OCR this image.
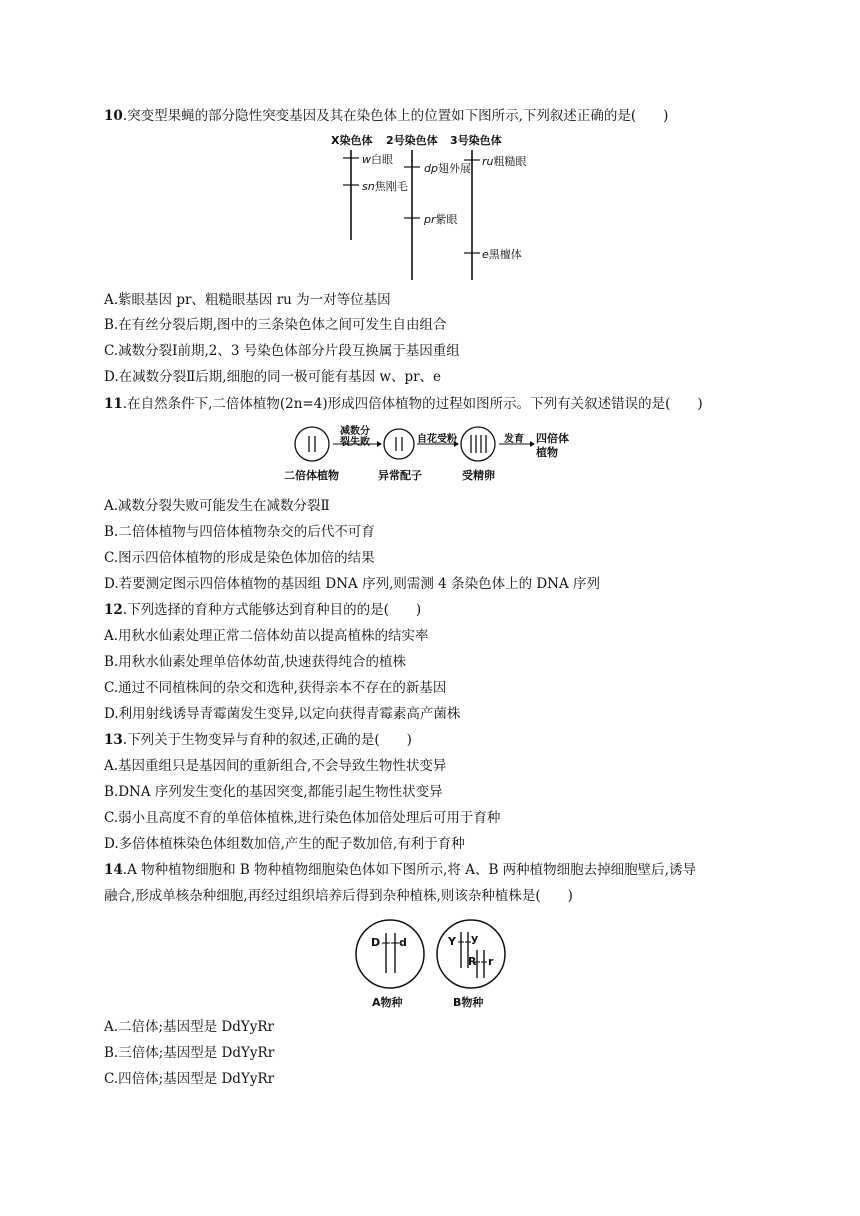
10.突变型果蝇的部分隐性突变基因及其在染色体上的位置如下图所示,下列叙述正确的是(　　)
X染色体 2号染色体 3号染色体
w白眼
sn焦刚毛
dp翅外展
pr紫眼
ru粗糙眼
e黑檀体
A.紫眼基因 pr、粗糙眼基因 ru 为一对等位基因
B.在有丝分裂后期,图中的三条染色体之间可发生自由组合
C.减数分裂Ⅰ前期,2、3 号染色体部分片段互换属于基因重组
D.在减数分裂Ⅱ后期,细胞的同一极可能有基因 w、pr、e
11.在自然条件下,二倍体植物(2n=4)形成四倍体植物的过程如图所示。下列有关叙述错误的是(　　)
减数分
裂失败	自花受粉	发育 四倍体
植物
二倍体植物	异常配子	受精卵
A.减数分裂失败可能发生在减数分裂Ⅱ
B.二倍体植物与四倍体植物杂交的后代不可育
C.图示四倍体植物的形成是染色体加倍的结果
D.若要测定图示四倍体植物的基因组 DNA 序列,则需测 4 条染色体上的 DNA 序列
12.下列选择的育种方式能够达到育种目的的是(　　)
A.用秋水仙素处理正常二倍体幼苗以提高植株的结实率
B.用秋水仙素处理单倍体幼苗,快速获得纯合的植株
C.通过不同植株间的杂交和选种,获得亲本不存在的新基因
D.利用射线诱导青霉菌发生变异,以定向获得青霉素高产菌株
13.下列关于生物变异与育种的叙述,正确的是(　　)
A.基因重组只是基因间的重新组合,不会导致生物性状变异
B.DNA 序列发生变化的基因突变,都能引起生物性状变异
C.弱小且高度不育的单倍体植株,进行染色体加倍处理后可用于育种
D.多倍体植株染色体组数加倍,产生的配子数加倍,有利于育种
14.A 物种植物细胞和 B 物种植物细胞染色体如下图所示,将 A、B 两种植物细胞去掉细胞壁后,诱导
融合,形成单核杂种细胞,再经过组织培养后得到杂种植株,则该杂种植株是(　　)
D d	Y y
R r
A物种	B物种
A.二倍体;基因型是 DdYyRr
B.三倍体;基因型是 DdYyRr
C.四倍体;基因型是 DdYyRr
